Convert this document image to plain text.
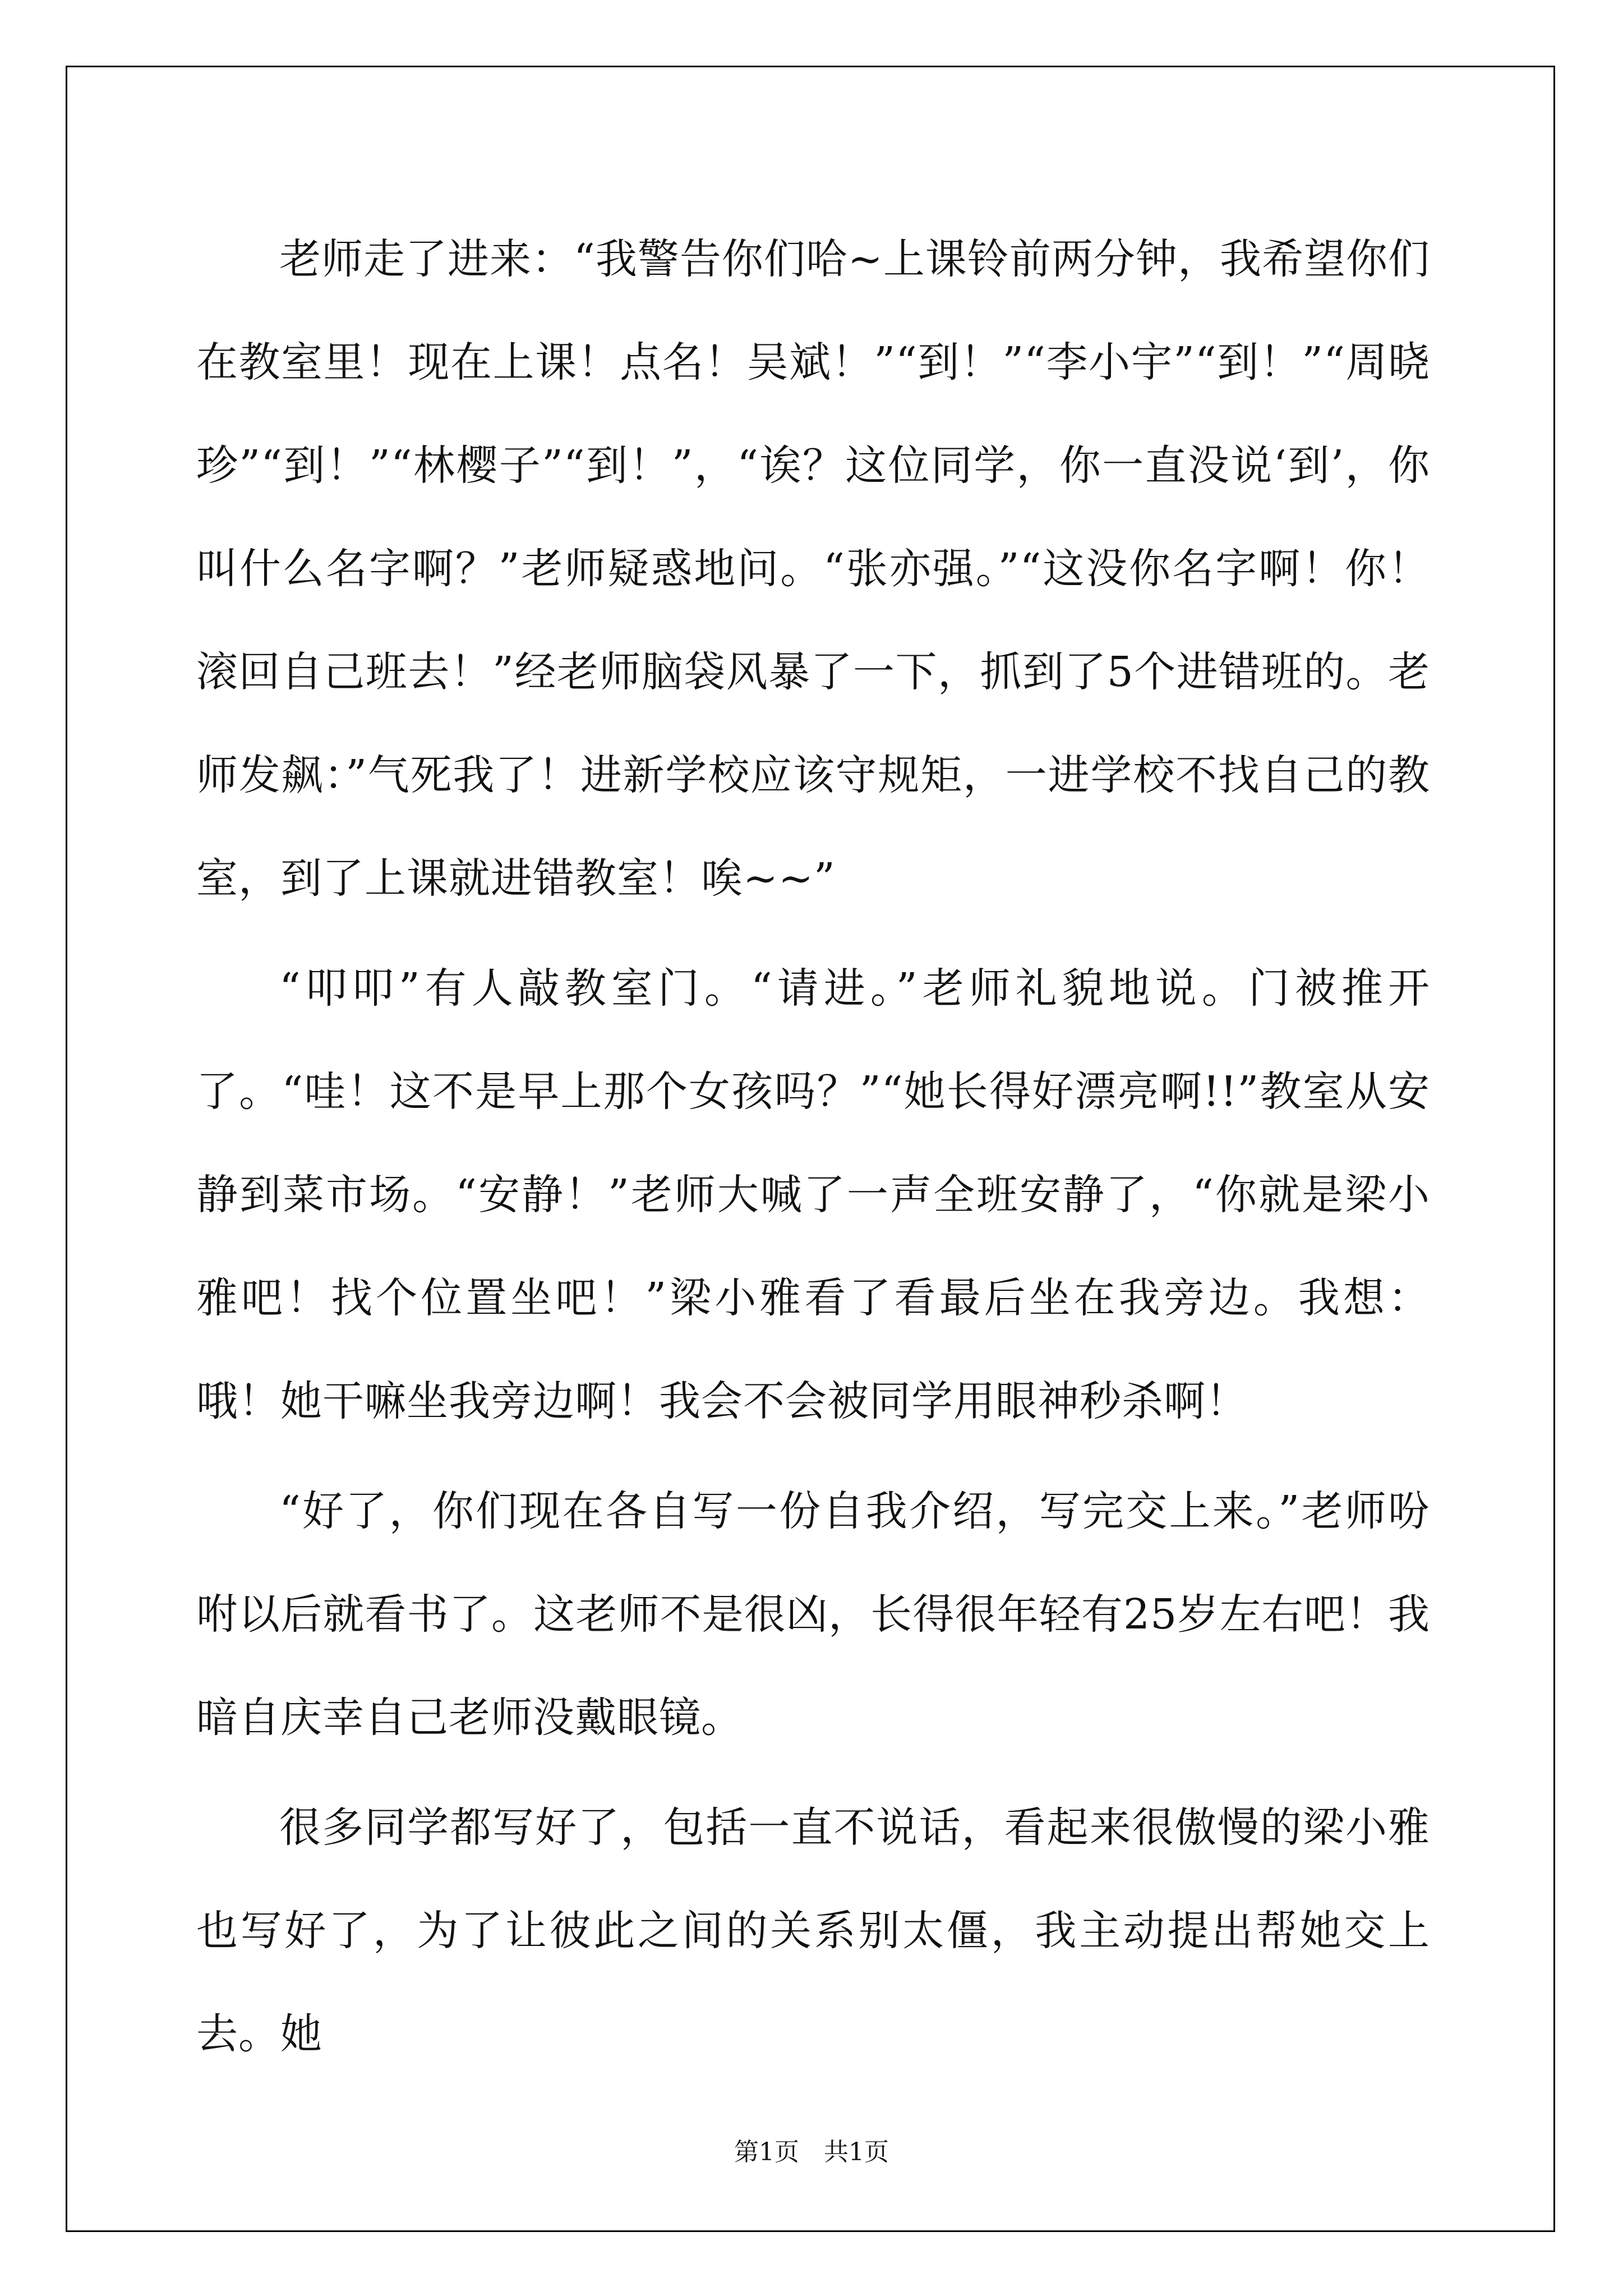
老师走了进来：“我警告你们哈~上课铃前两分钟，我希望你们在教室里！现在上课！点名！吴斌！”“到！”“李小宇”“到！”“周晓珍”“到！”“林樱子”“到！”，“诶？这位同学，你一直没说‘到’，你叫什么名字啊？”老师疑惑地问。“张亦强。”“这没你名字啊！你！滚回自己班去！”经老师脑袋风暴了一下，抓到了5个进错班的。老师发飙：”气死我了！进新学校应该守规矩，一进学校不找自己的教室，到了上课就进错教室！唉~~”

“叩叩”有人敲教室门。“请进。”老师礼貌地说。门被推开了。“哇！这不是早上那个女孩吗？”“她长得好漂亮啊!!”教室从安静到菜市场。“安静！”老师大喊了一声全班安静了，“你就是梁小雅吧！找个位置坐吧！”梁小雅看了看最后坐在我旁边。我想：哦！她干嘛坐我旁边啊！我会不会被同学用眼神秒杀啊！

“好了，你们现在各自写一份自我介绍，写完交上来。”老师吩咐以后就看书了。这老师不是很凶，长得很年轻有25岁左右吧！我暗自庆幸自己老师没戴眼镜。

很多同学都写好了，包括一直不说话，看起来很傲慢的梁小雅也写好了，为了让彼此之间的关系别太僵，我主动提出帮她交上去。她

第1页　共1页
